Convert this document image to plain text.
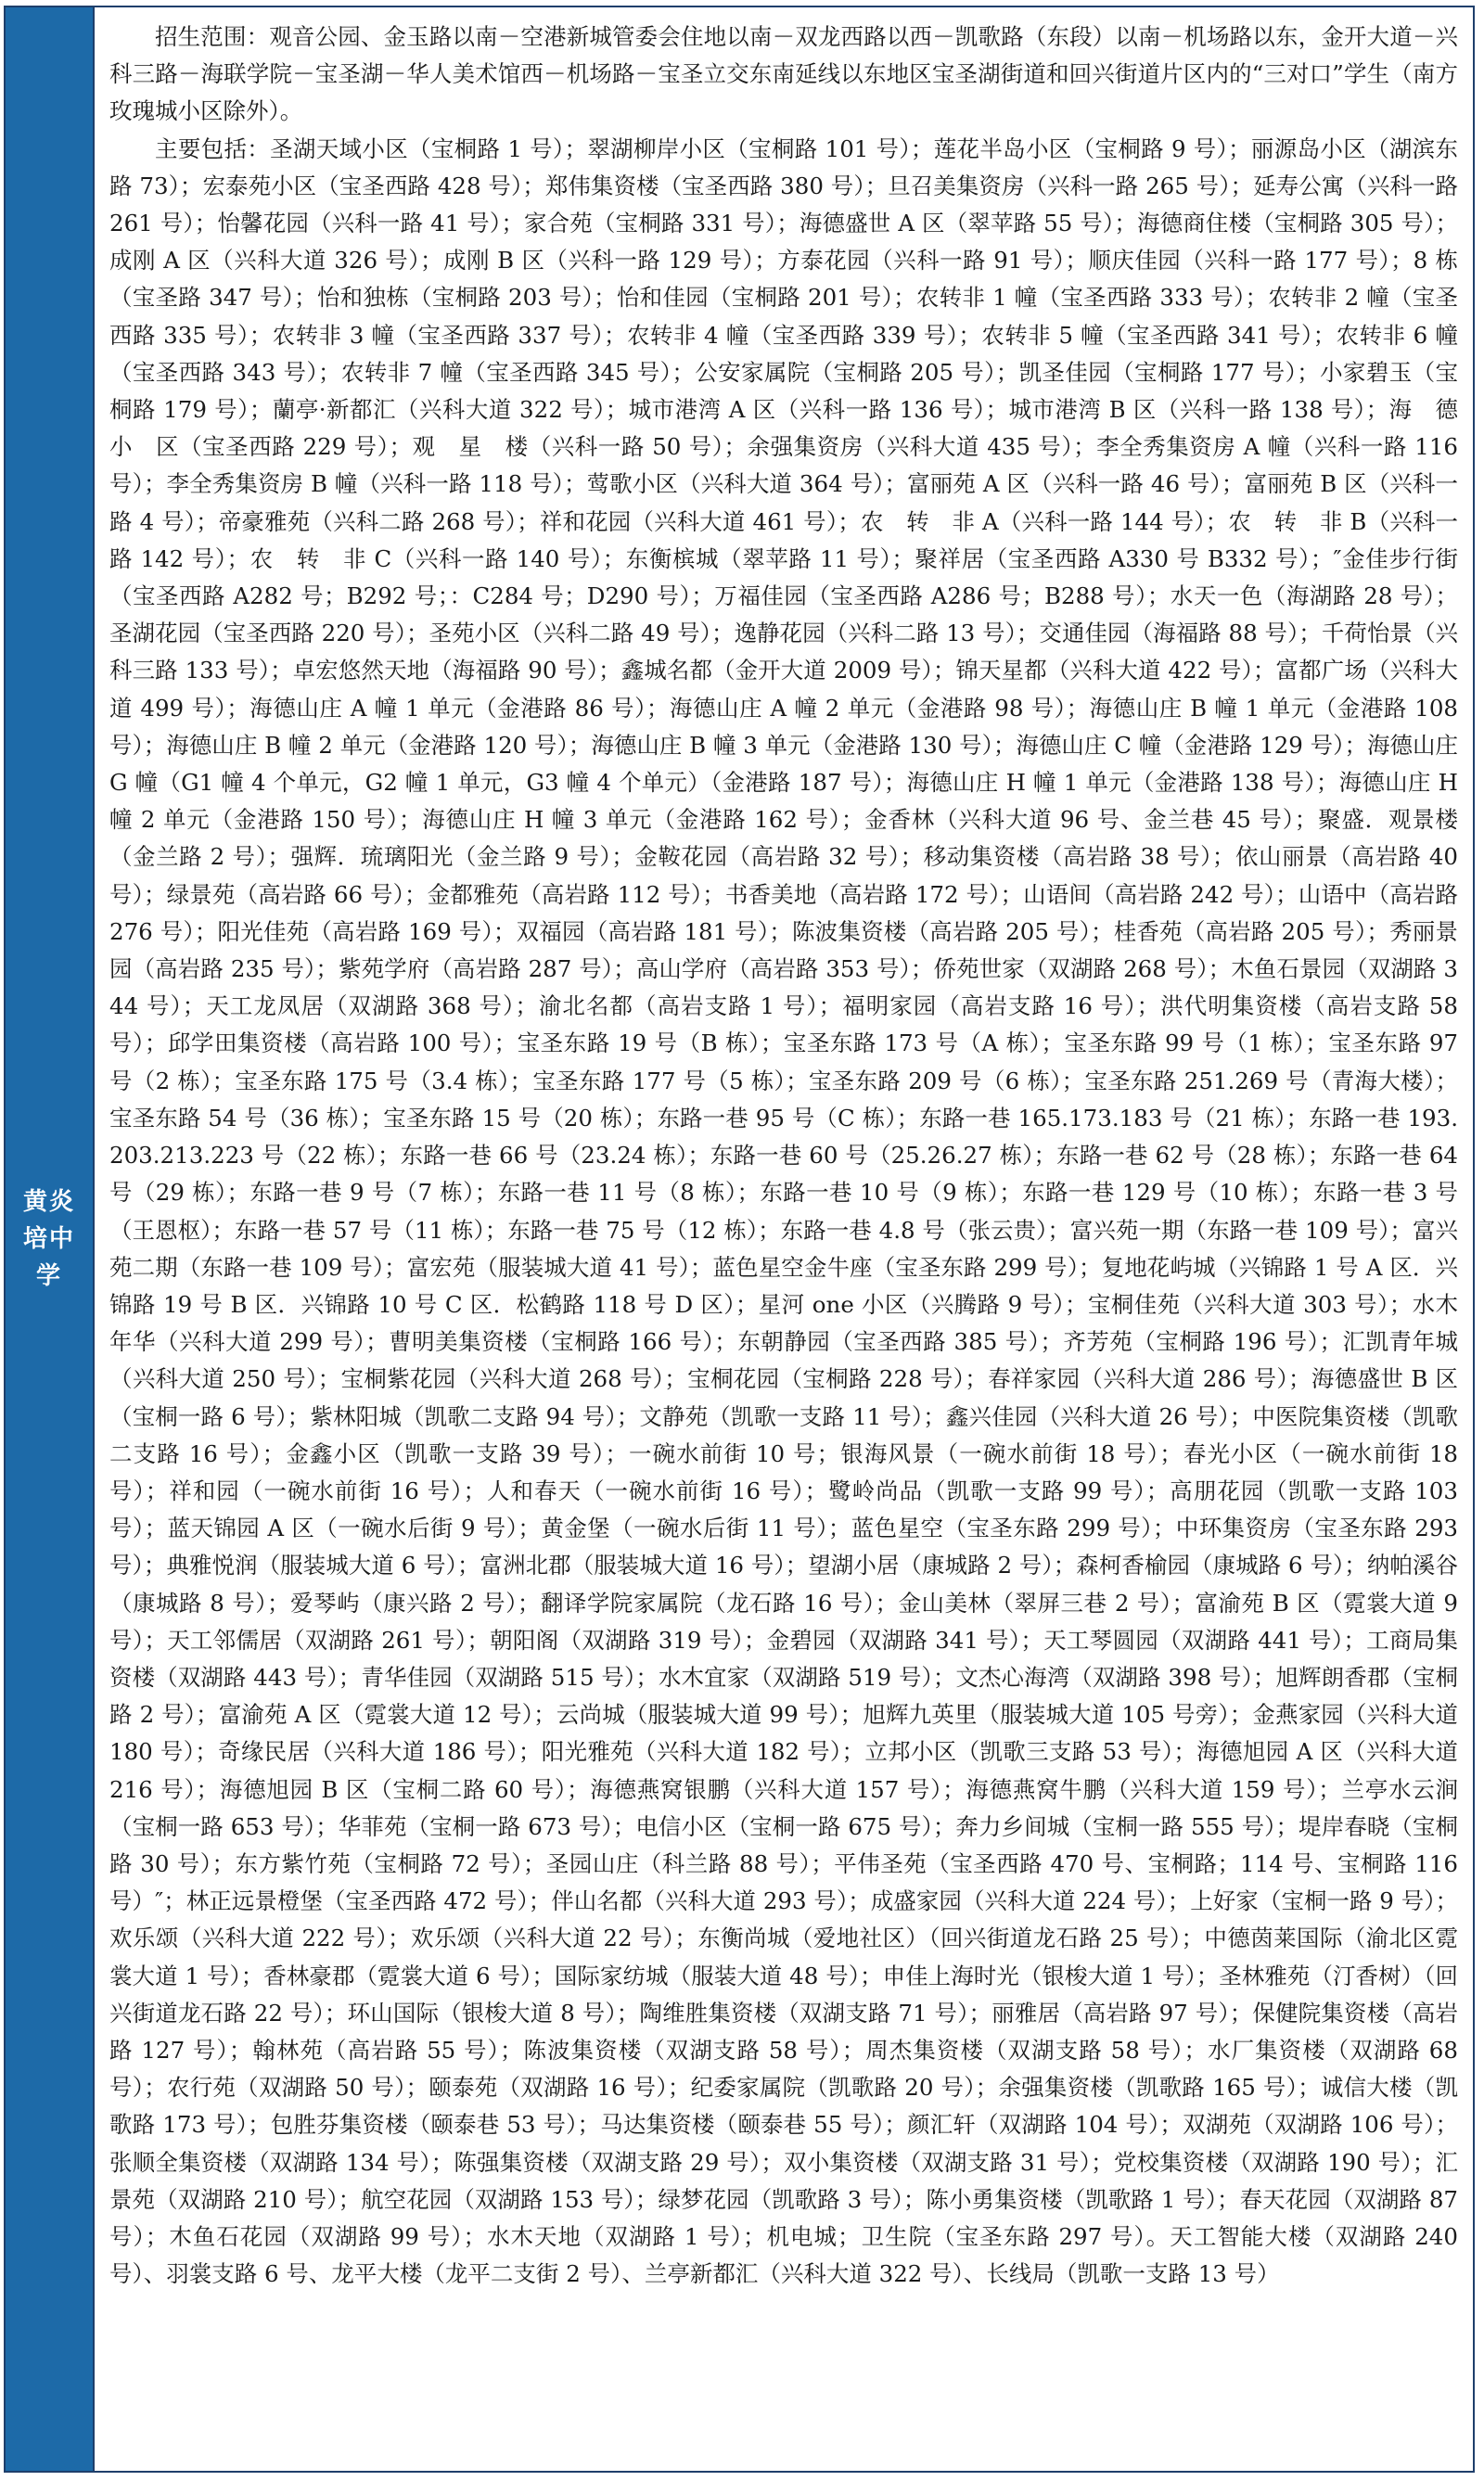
黄炎培中学

招生范围：观音公园、金玉路以南－空港新城管委会住地以南－双龙西路以西－凯歌路（东段）以南－机场路以东，金开大道－兴科三路－海联学院－宝圣湖－华人美术馆西－机场路－宝圣立交东南延线以东地区宝圣湖街道和回兴街道片区内的“三对口”学生（南方玫瑰城小区除外）。

主要包括：圣湖天域小区（宝桐路 1 号）；翠湖柳岸小区（宝桐路 101 号）；莲花半岛小区（宝桐路 9 号）；丽源岛小区（湖滨东路 73）；宏泰苑小区（宝圣西路 428 号）；郑伟集资楼（宝圣西路 380 号）；旦召美集资房（兴科一路 265 号）；延寿公寓（兴科一路 261 号）；怡馨花园（兴科一路 41 号）；家合苑（宝桐路 331 号）；海德盛世 A 区（翠苹路 55 号）；海德商住楼（宝桐路 305 号）；成刚 A 区（兴科大道 326 号）；成刚 B 区（兴科一路 129 号）；方泰花园（兴科一路 91 号）；顺庆佳园（兴科一路 177 号）；8 栋（宝圣路 347 号）；怡和独栋（宝桐路 203 号）；怡和佳园（宝桐路 201 号）；农转非 1 幢（宝圣西路 333 号）；农转非 2 幢（宝圣西路 335 号）；农转非 3 幢（宝圣西路 337 号）；农转非 4 幢（宝圣西路 339 号）；农转非 5 幢（宝圣西路 341 号）；农转非 6 幢（宝圣西路 343 号）；农转非 7 幢（宝圣西路 345 号）；公安家属院（宝桐路 205 号）；凯圣佳园（宝桐路 177 号）；小家碧玉（宝桐路 179 号）；蘭亭·新都汇（兴科大道 322 号）；城市港湾 A 区（兴科一路 136 号）；城市港湾 B 区（兴科一路 138 号）；海　德　小　区（宝圣西路 229 号）；观　星　楼（兴科一路 50 号）；余强集资房（兴科大道 435 号）；李全秀集资房 A 幢（兴科一路 116 号）；李全秀集资房 B 幢（兴科一路 118 号）；莺歌小区（兴科大道 364 号）；富丽苑 A 区（兴科一路 46 号）；富丽苑 B 区（兴科一路 4 号）；帝豪雅苑（兴科二路 268 号）；祥和花园（兴科大道 461 号）；农　转　非 A（兴科一路 144 号）；农　转　非 B（兴科一路 142 号）；农　转　非 C（兴科一路 140 号）；东衡槟城（翠苹路 11 号）；聚祥居（宝圣西路 A330 号 B332 号）；″金佳步行街（宝圣西路 A282 号；B292 号；：C284 号；D290 号）；万福佳园（宝圣西路 A286 号；B288 号）；水天一色（海湖路 28 号）；圣湖花园（宝圣西路 220 号）；圣苑小区（兴科二路 49 号）；逸静花园（兴科二路 13 号）；交通佳园（海福路 88 号）；千荷怡景（兴科三路 133 号）；卓宏悠然天地（海福路 90 号）；鑫城名都（金开大道 2009 号）；锦天星都（兴科大道 422 号）；富都广场（兴科大道 499 号）；海德山庄 A 幢 1 单元（金港路 86 号）；海德山庄 A 幢 2 单元（金港路 98 号）；海德山庄 B 幢 1 单元（金港路 108 号）；海德山庄 B 幢 2 单元（金港路 120 号）；海德山庄 B 幢 3 单元（金港路 130 号）；海德山庄 C 幢（金港路 129 号）；海德山庄 G 幢（G1 幢 4 个单元，G2 幢 1 单元，G3 幢 4 个单元）（金港路 187 号）；海德山庄 H 幢 1 单元（金港路 138 号）；海德山庄 H 幢 2 单元（金港路 150 号）；海德山庄 H 幢 3 单元（金港路 162 号）；金香林（兴科大道 96 号、金兰巷 45 号）；聚盛．观景楼（金兰路 2 号）；强辉．琉璃阳光（金兰路 9 号）；金鞍花园（高岩路 32 号）；移动集资楼（高岩路 38 号）；依山丽景（高岩路 40 号）；绿景苑（高岩路 66 号）；金都雅苑（高岩路 112 号）；书香美地（高岩路 172 号）；山语间（高岩路 242 号）；山语中（高岩路 276 号）；阳光佳苑（高岩路 169 号）；双福园（高岩路 181 号）；陈波集资楼（高岩路 205 号）；桂香苑（高岩路 205 号）；秀丽景园（高岩路 235 号）；紫苑学府（高岩路 287 号）；高山学府（高岩路 353 号）；侨苑世家（双湖路 268 号）；木鱼石景园（双湖路 344 号）；天工龙凤居（双湖路 368 号）；渝北名都（高岩支路 1 号）；福明家园（高岩支路 16 号）；洪代明集资楼（高岩支路 58 号）；邱学田集资楼（高岩路 100 号）；宝圣东路 19 号（B 栋）；宝圣东路 173 号（A 栋）；宝圣东路 99 号（1 栋）；宝圣东路 97 号（2 栋）；宝圣东路 175 号（3.4 栋）；宝圣东路 177 号（5 栋）；宝圣东路 209 号（6 栋）；宝圣东路 251.269 号（青海大楼）；宝圣东路 54 号（36 栋）；宝圣东路 15 号（20 栋）；东路一巷 95 号（C 栋）；东路一巷 165.173.183 号（21 栋）；东路一巷 193.203.213.223 号（22 栋）；东路一巷 66 号（23.24 栋）；东路一巷 60 号（25.26.27 栋）；东路一巷 62 号（28 栋）；东路一巷 64 号（29 栋）；东路一巷 9 号（7 栋）；东路一巷 11 号（8 栋）；东路一巷 10 号（9 栋）；东路一巷 129 号（10 栋）；东路一巷 3 号（王恩枢）；东路一巷 57 号（11 栋）；东路一巷 75 号（12 栋）；东路一巷 4.8 号（张云贵）；富兴苑一期（东路一巷 109 号）；富兴苑二期（东路一巷 109 号）；富宏苑（服装城大道 41 号）；蓝色星空金牛座（宝圣东路 299 号）；复地花屿城（兴锦路 1 号 A 区．兴锦路 19 号 B 区．兴锦路 10 号 C 区．松鹤路 118 号 D 区）；星河 one 小区（兴腾路 9 号）；宝桐佳苑（兴科大道 303 号）；水木年华（兴科大道 299 号）；曹明美集资楼（宝桐路 166 号）；东朝静园（宝圣西路 385 号）；齐芳苑（宝桐路 196 号）；汇凯青年城（兴科大道 250 号）；宝桐紫花园（兴科大道 268 号）；宝桐花园（宝桐路 228 号）；春祥家园（兴科大道 286 号）；海德盛世 B 区（宝桐一路 6 号）；紫林阳城（凯歌二支路 94 号）；文静苑（凯歌一支路 11 号）；鑫兴佳园（兴科大道 26 号）；中医院集资楼（凯歌二支路 16 号）；金鑫小区（凯歌一支路 39 号）；一碗水前街 10 号；银海风景（一碗水前街 18 号）；春光小区（一碗水前街 18 号）；祥和园（一碗水前街 16 号）；人和春天（一碗水前街 16 号）；鹭岭尚品（凯歌一支路 99 号）；高朋花园（凯歌一支路 103 号）；蓝天锦园 A 区（一碗水后街 9 号）；黄金堡（一碗水后街 11 号）；蓝色星空（宝圣东路 299 号）；中环集资房（宝圣东路 293 号）；典雅悦润（服装城大道 6 号）；富洲北郡（服装城大道 16 号）；望湖小居（康城路 2 号）；森柯香榆园（康城路 6 号）；纳帕溪谷（康城路 8 号）；爱琴屿（康兴路 2 号）；翻译学院家属院（龙石路 16 号）；金山美林（翠屏三巷 2 号）；富渝苑 B 区（霓裳大道 9 号）；天工邻儒居（双湖路 261 号）；朝阳阁（双湖路 319 号）；金碧园（双湖路 341 号）；天工琴圆园（双湖路 441 号）；工商局集资楼（双湖路 443 号）；青华佳园（双湖路 515 号）；水木宜家（双湖路 519 号）；文杰心海湾（双湖路 398 号）；旭辉朗香郡（宝桐路 2 号）；富渝苑 A 区（霓裳大道 12 号）；云尚城（服装城大道 99 号）；旭辉九英里（服装城大道 105 号旁）；金燕家园（兴科大道 180 号）；奇缘民居（兴科大道 186 号）；阳光雅苑（兴科大道 182 号）；立邦小区（凯歌三支路 53 号）；海德旭园 A 区（兴科大道 216 号）；海德旭园 B 区（宝桐二路 60 号）；海德燕窝银鹏（兴科大道 157 号）；海德燕窝牛鹏（兴科大道 159 号）；兰亭水云涧（宝桐一路 653 号）；华菲苑（宝桐一路 673 号）；电信小区（宝桐一路 675 号）；奔力乡间城（宝桐一路 555 号）；堤岸春晓（宝桐路 30 号）；东方紫竹苑（宝桐路 72 号）；圣园山庄（科兰路 88 号）；平伟圣苑（宝圣西路 470 号、宝桐路；114 号、宝桐路 116 号）″；林正远景橙堡（宝圣西路 472 号）；伴山名都（兴科大道 293 号）；成盛家园（兴科大道 224 号）；上好家（宝桐一路 9 号）；欢乐颂（兴科大道 222 号）；欢乐颂（兴科大道 22 号）；东衡尚城（爱地社区）（回兴街道龙石路 25 号）；中德茵莱国际（渝北区霓裳大道 1 号）；香林豪郡（霓裳大道 6 号）；国际家纺城（服装大道 48 号）；申佳上海时光（银梭大道 1 号）；圣林雅苑（汀香树）（回兴街道龙石路 22 号）；环山国际（银梭大道 8 号）；陶维胜集资楼（双湖支路 71 号）；丽雅居（高岩路 97 号）；保健院集资楼（高岩路 127 号）；翰林苑（高岩路 55 号）；陈波集资楼（双湖支路 58 号）；周杰集资楼（双湖支路 58 号）；水厂集资楼（双湖路 68 号）；农行苑（双湖路 50 号）；颐泰苑（双湖路 16 号）；纪委家属院（凯歌路 20 号）；余强集资楼（凯歌路 165 号）；诚信大楼（凯歌路 173 号）；包胜芬集资楼（颐泰巷 53 号）；马达集资楼（颐泰巷 55 号）；颜汇轩（双湖路 104 号）；双湖苑（双湖路 106 号）；张顺全集资楼（双湖路 134 号）；陈强集资楼（双湖支路 29 号）；双小集资楼（双湖支路 31 号）；党校集资楼（双湖路 190 号）；汇景苑（双湖路 210 号）；航空花园（双湖路 153 号）；绿梦花园（凯歌路 3 号）；陈小勇集资楼（凯歌路 1 号）；春天花园（双湖路 87 号）；木鱼石花园（双湖路 99 号）；水木天地（双湖路 1 号）；机电城；卫生院（宝圣东路 297 号）。天工智能大楼（双湖路 240 号）、羽裳支路 6 号、龙平大楼（龙平二支街 2 号）、兰亭新都汇（兴科大道 322 号）、长线局（凯歌一支路 13 号）
